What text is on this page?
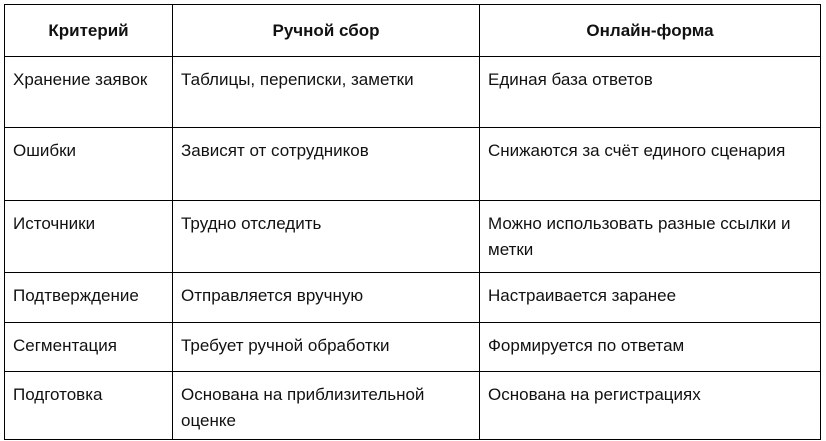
Критерий	Ручной сбор	Онлайн-форма
Хранение заявок	Таблицы, переписки, заметки	Единая база ответов
Ошибки	Зависят от сотрудников	Снижаются за счёт единого сценария
Источники	Трудно отследить	Можно использовать разные ссылки и метки
Подтверждение	Отправляется вручную	Настраивается заранее
Сегментация	Требует ручной обработки	Формируется по ответам
Подготовка	Основана на приблизительной оценке	Основана на регистрациях
